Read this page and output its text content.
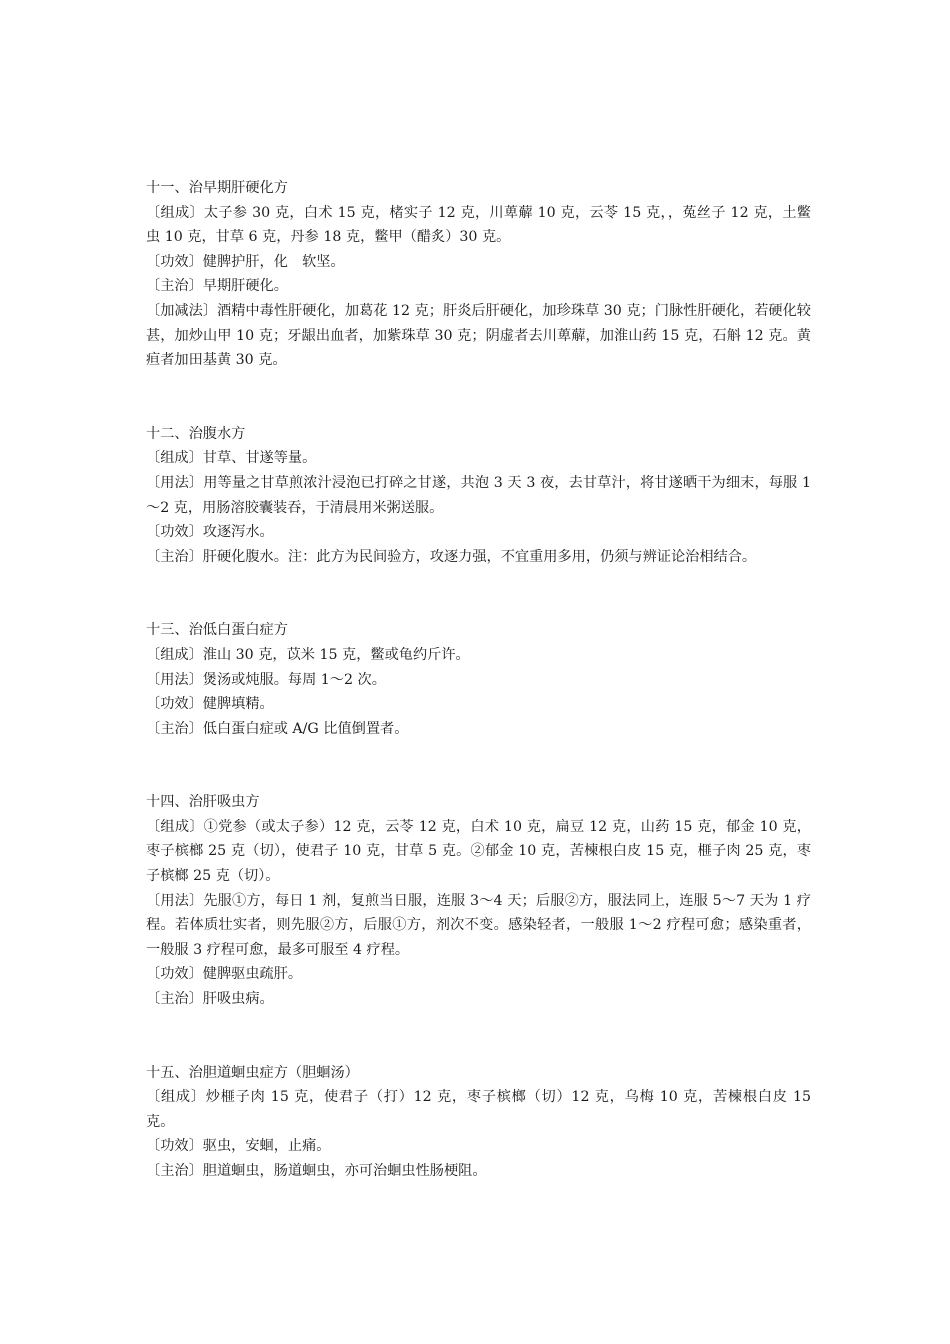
十一、治早期肝硬化方

〔组成〕太子参 30 克，白术 15 克，楮实子 12 克，川萆薢 10 克，云苓 15 克，，菟丝子 12 克，土鳖虫 10 克，甘草 6 克，丹参 18 克，鳖甲（醋炙）30 克。

〔功效〕健脾护肝，化　软坚。

〔主治〕早期肝硬化。

〔加减法〕酒精中毒性肝硬化，加葛花 12 克；肝炎后肝硬化，加珍珠草 30 克；门脉性肝硬化，若硬化较甚，加炒山甲 10 克；牙龈出血者，加紫珠草 30 克；阴虚者去川萆薢，加淮山药 15 克，石斛 12 克。黄疸者加田基黄 30 克。

十二、治腹水方

〔组成〕甘草、甘遂等量。

〔用法〕用等量之甘草煎浓汁浸泡已打碎之甘遂，共泡 3 天 3 夜，去甘草汁，将甘遂晒干为细末，每服 1～2 克，用肠溶胶囊装吞，于清晨用米粥送服。

〔功效〕攻逐泻水。

〔主治〕肝硬化腹水。注：此方为民间验方，攻逐力强，不宜重用多用，仍须与辨证论治相结合。

十三、治低白蛋白症方

〔组成〕淮山 30 克，苡米 15 克，鳖或龟约斤许。

〔用法〕煲汤或炖服。每周 1～2 次。

〔功效〕健脾填精。

〔主治〕低白蛋白症或 A/G 比值倒置者。

十四、治肝吸虫方

〔组成〕①党参（或太子参）12 克，云苓 12 克，白术 10 克，扁豆 12 克，山药 15 克，郁金 10 克，枣子槟榔 25 克（切），使君子 10 克，甘草 5 克。②郁金 10 克，苦楝根白皮 15 克，榧子肉 25 克，枣子槟榔 25 克（切）。

〔用法〕先服①方，每日 1 剂，复煎当日服，连服 3～4 天；后服②方，服法同上，连服 5～7 天为 1 疗程。若体质壮实者，则先服②方，后服①方，剂次不变。感染轻者，一般服 1～2 疗程可愈；感染重者，一般服 3 疗程可愈，最多可服至 4 疗程。

〔功效〕健脾驱虫疏肝。

〔主治〕肝吸虫病。

十五、治胆道蛔虫症方（胆蛔汤）

〔组成〕炒榧子肉 15 克，使君子（打）12 克，枣子槟榔（切）12 克，乌梅 10 克，苦楝根白皮 15 克。

〔功效〕驱虫，安蛔，止痛。

〔主治〕胆道蛔虫，肠道蛔虫，亦可治蛔虫性肠梗阻。
